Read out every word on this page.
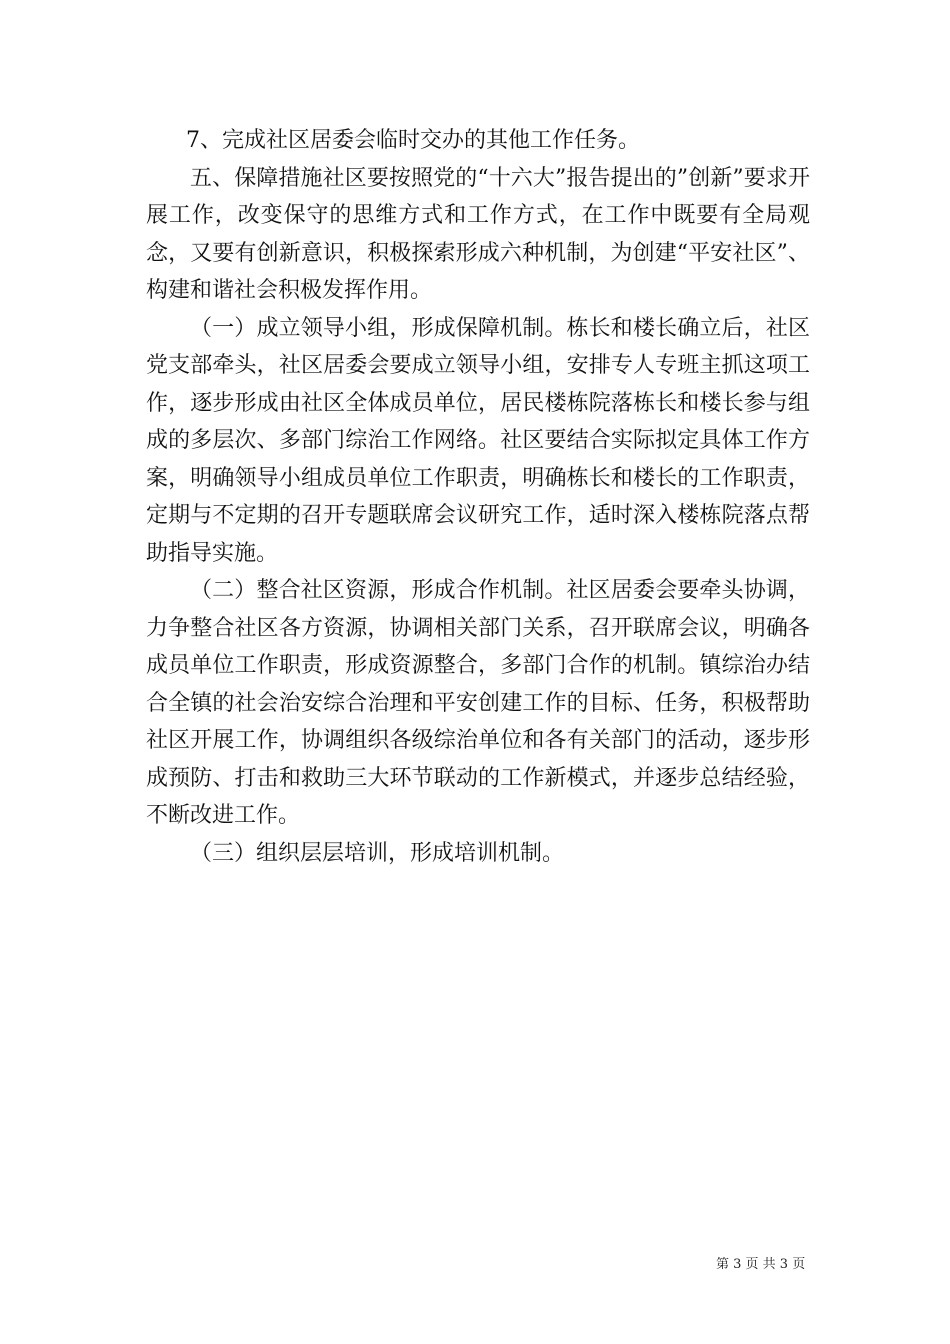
7、完成社区居委会临时交办的其他工作任务。

五、保障措施社区要按照党的“十六大”报告提出的”创新”要求开展工作，改变保守的思维方式和工作方式，在工作中既要有全局观念，又要有创新意识，积极探索形成六种机制，为创建“平安社区”、构建和谐社会积极发挥作用。

（一）成立领导小组，形成保障机制。栋长和楼长确立后，社区党支部牵头，社区居委会要成立领导小组，安排专人专班主抓这项工作，逐步形成由社区全体成员单位，居民楼栋院落栋长和楼长参与组成的多层次、多部门综治工作网络。社区要结合实际拟定具体工作方案，明确领导小组成员单位工作职责，明确栋长和楼长的工作职责，定期与不定期的召开专题联席会议研究工作，适时深入楼栋院落点帮助指导实施。

（二）整合社区资源，形成合作机制。社区居委会要牵头协调，力争整合社区各方资源，协调相关部门关系，召开联席会议，明确各成员单位工作职责，形成资源整合，多部门合作的机制。镇综治办结合全镇的社会治安综合治理和平安创建工作的目标、任务，积极帮助社区开展工作，协调组织各级综治单位和各有关部门的活动，逐步形成预防、打击和救助三大环节联动的工作新模式，并逐步总结经验，不断改进工作。

（三）组织层层培训，形成培训机制。

第 3 页 共 3 页
